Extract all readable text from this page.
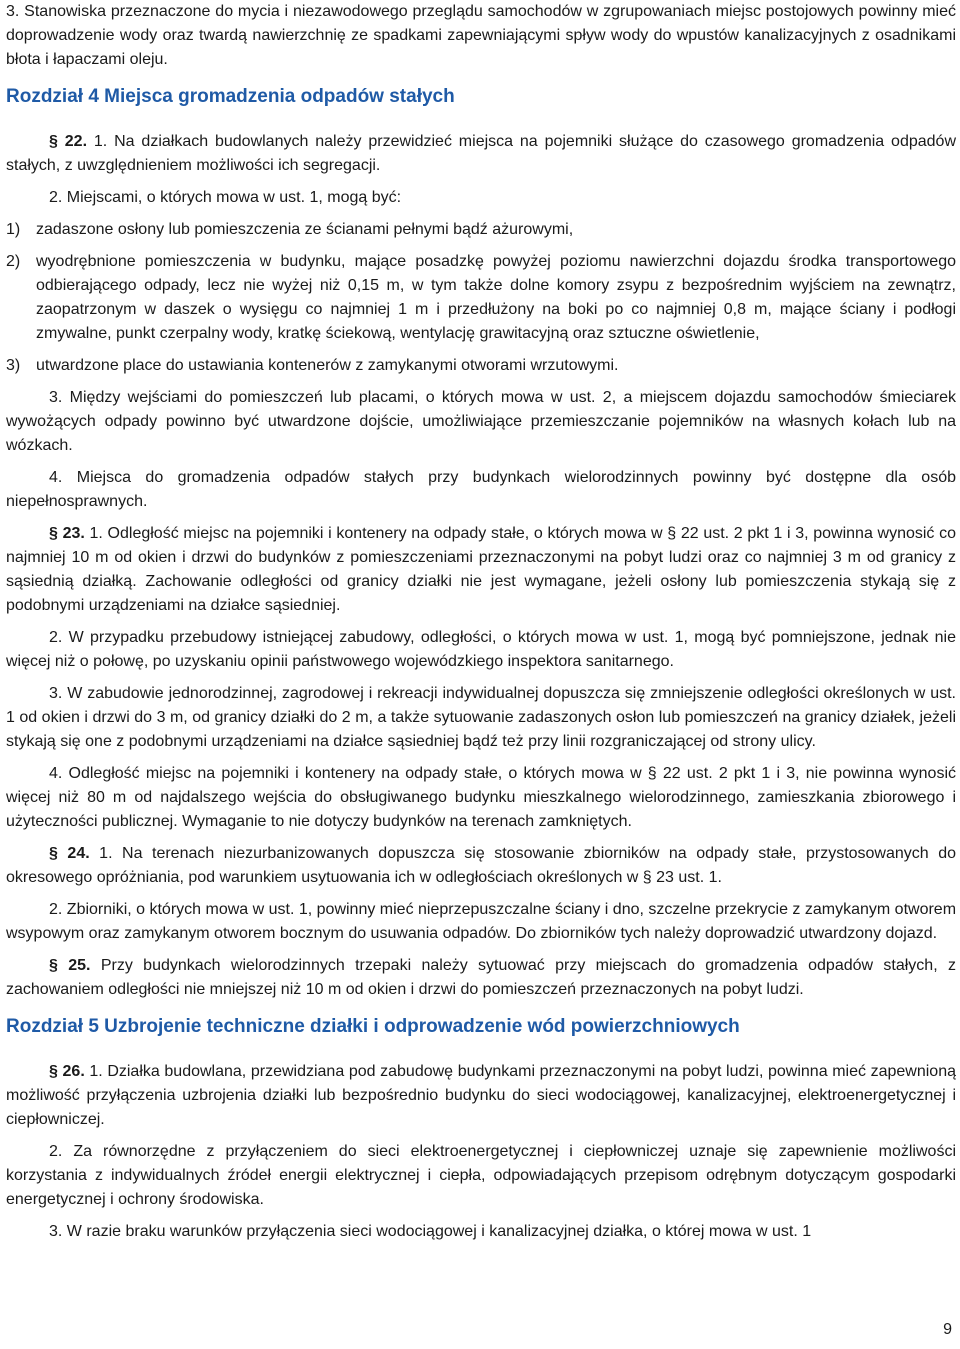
3. Stanowiska przeznaczone do mycia i niezawodowego przeglądu samochodów w zgrupowaniach miejsc postojowych powinny mieć doprowadzenie wody oraz twardą nawierzchnię ze spadkami zapewniającymi spływ wody do wpustów kanalizacyjnych z osadnikami błota i łapaczami oleju.

Rozdział 4 Miejsca gromadzenia odpadów stałych

§ 22. 1. Na działkach budowlanych należy przewidzieć miejsca na pojemniki służące do czasowego gromadzenia odpadów stałych, z uwzględnieniem możliwości ich segregacji.

2. Miejscami, o których mowa w ust. 1, mogą być:

1) zadaszone osłony lub pomieszczenia ze ścianami pełnymi bądź ażurowymi,
2) wyodrębnione pomieszczenia w budynku, mające posadzkę powyżej poziomu nawierzchni dojazdu środka transportowego odbierającego odpady, lecz nie wyżej niż 0,15 m, w tym także dolne komory zsypu z bezpośrednim wyjściem na zewnątrz, zaopatrzonym w daszek o wysięgu co najmniej 1 m i przedłużony na boki po co najmniej 0,8 m, mające ściany i podłogi zmywalne, punkt czerpalny wody, kratkę ściekową, wentylację grawitacyjną oraz sztuczne oświetlenie,
3) utwardzone place do ustawiania kontenerów z zamykanymi otworami wrzutowymi.

3. Między wejściami do pomieszczeń lub placami, o których mowa w ust. 2, a miejscem dojazdu samochodów śmieciarek wywożących odpady powinno być utwardzone dojście, umożliwiające przemieszczanie pojemników na własnych kołach lub na wózkach.

4. Miejsca do gromadzenia odpadów stałych przy budynkach wielorodzinnych powinny być dostępne dla osób niepełnosprawnych.

§ 23. 1. Odległość miejsc na pojemniki i kontenery na odpady stałe, o których mowa w § 22 ust. 2 pkt 1 i 3, powinna wynosić co najmniej 10 m od okien i drzwi do budynków z pomieszczeniami przeznaczonymi na pobyt ludzi oraz co najmniej 3 m od granicy z sąsiednią działką. Zachowanie odległości od granicy działki nie jest wymagane, jeżeli osłony lub pomieszczenia stykają się z podobnymi urządzeniami na działce sąsiedniej.

2. W przypadku przebudowy istniejącej zabudowy, odległości, o których mowa w ust. 1, mogą być pomniejszone, jednak nie więcej niż o połowę, po uzyskaniu opinii państwowego wojewódzkiego inspektora sanitarnego.

3. W zabudowie jednorodzinnej, zagrodowej i rekreacji indywidualnej dopuszcza się zmniejszenie odległości określonych w ust. 1 od okien i drzwi do 3 m, od granicy działki do 2 m, a także sytuowanie zadaszonych osłon lub pomieszczeń na granicy działek, jeżeli stykają się one z podobnymi urządzeniami na działce sąsiedniej bądź też przy linii rozgraniczającej od strony ulicy.

4. Odległość miejsc na pojemniki i kontenery na odpady stałe, o których mowa w § 22 ust. 2 pkt 1 i 3, nie powinna wynosić więcej niż 80 m od najdalszego wejścia do obsługiwanego budynku mieszkalnego wielorodzinnego, zamieszkania zbiorowego i użyteczności publicznej. Wymaganie to nie dotyczy budynków na terenach zamkniętych.

§ 24. 1. Na terenach niezurbanizowanych dopuszcza się stosowanie zbiorników na odpady stałe, przystosowanych do okresowego opróżniania, pod warunkiem usytuowania ich w odległościach określonych w § 23 ust. 1.

2. Zbiorniki, o których mowa w ust. 1, powinny mieć nieprzepuszczalne ściany i dno, szczelne przekrycie z zamykanym otworem wsypowym oraz zamykanym otworem bocznym do usuwania odpadów. Do zbiorników tych należy doprowadzić utwardzony dojazd.

§ 25. Przy budynkach wielorodzinnych trzepaki należy sytuować przy miejscach do gromadzenia odpadów stałych, z zachowaniem odległości nie mniejszej niż 10 m od okien i drzwi do pomieszczeń przeznaczonych na pobyt ludzi.

Rozdział 5 Uzbrojenie techniczne działki i odprowadzenie wód powierzchniowych

§ 26. 1. Działka budowlana, przewidziana pod zabudowę budynkami przeznaczonymi na pobyt ludzi, powinna mieć zapewnioną możliwość przyłączenia uzbrojenia działki lub bezpośrednio budynku do sieci wodociągowej, kanalizacyjnej, elektroenergetycznej i ciepłowniczej.

2. Za równorzędne z przyłączeniem do sieci elektroenergetycznej i ciepłowniczej uznaje się zapewnienie możliwości korzystania z indywidualnych źródeł energii elektrycznej i ciepła, odpowiadających przepisom odrębnym dotyczącym gospodarki energetycznej i ochrony środowiska.

3. W razie braku warunków przyłączenia sieci wodociągowej i kanalizacyjnej działka, o której mowa w ust. 1

9
